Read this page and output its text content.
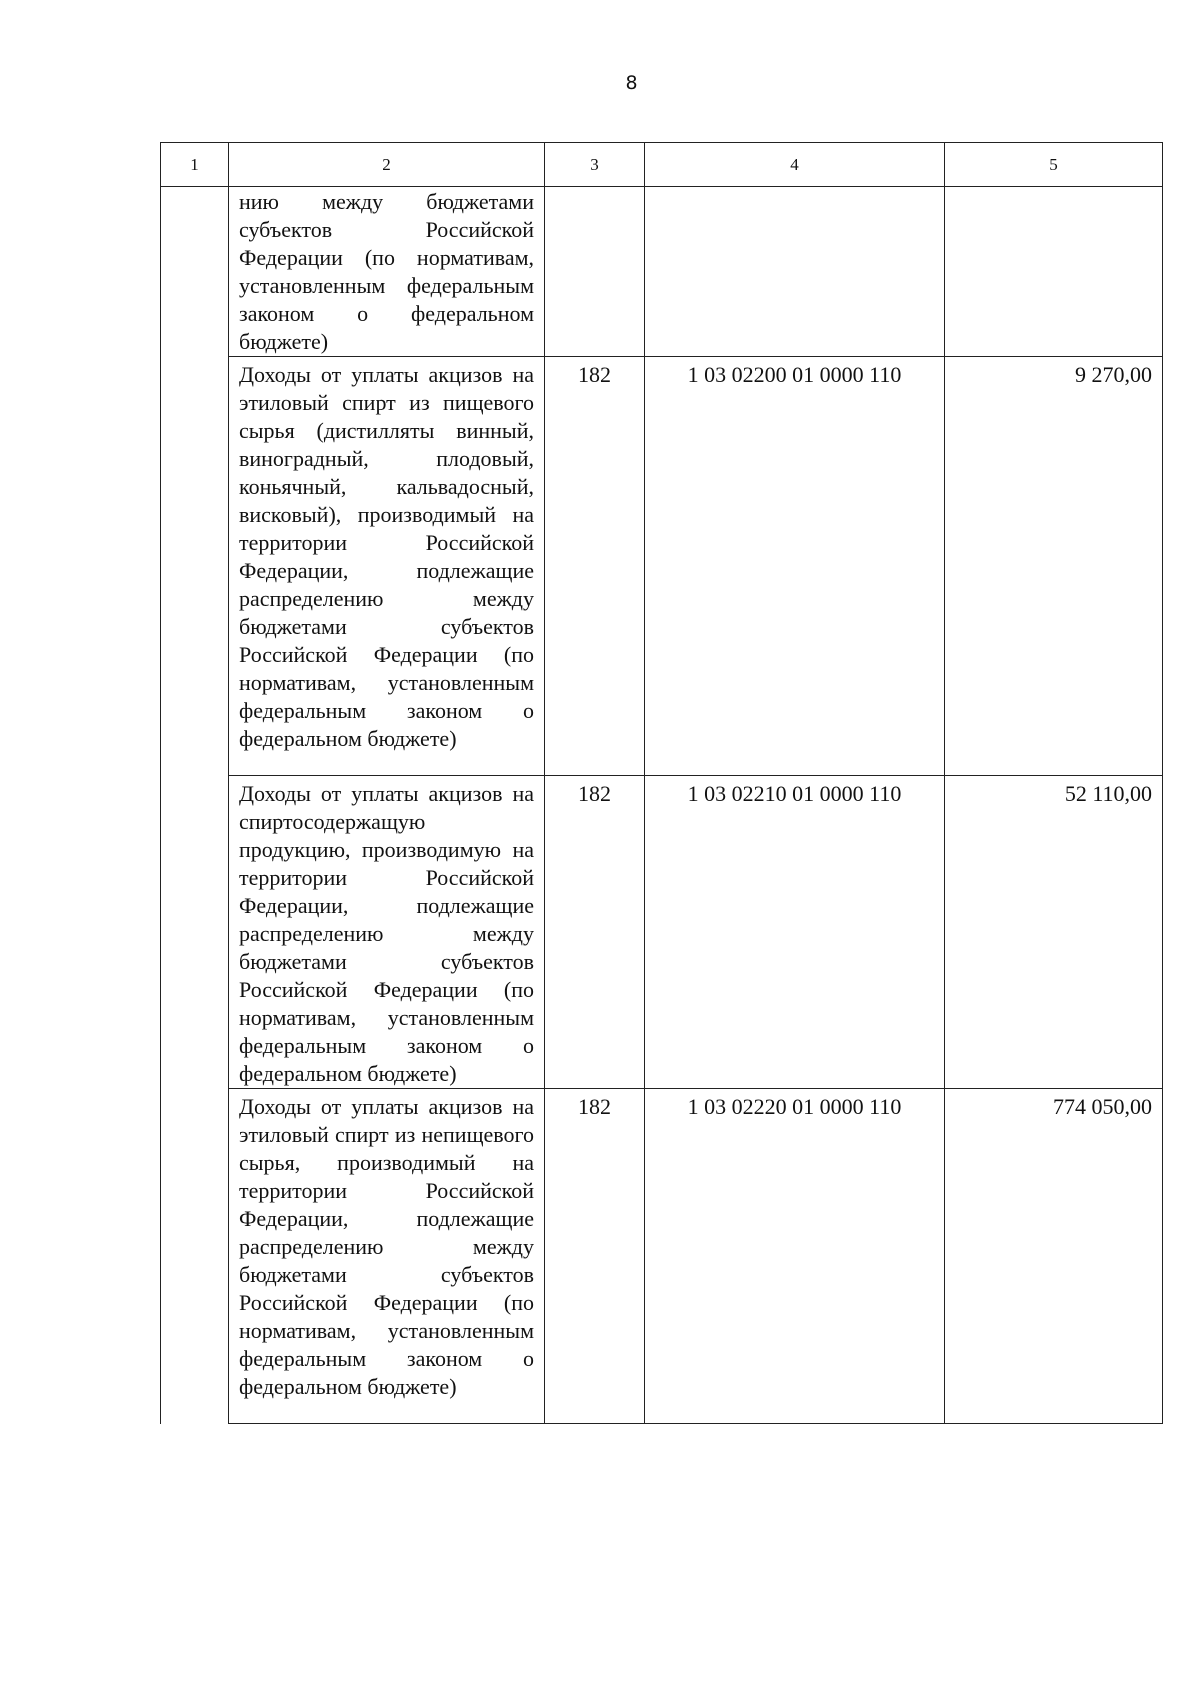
8
1	2	3	4	5
	нию между бюджетами субъектов Российской Федерации (по нормативам, установленным федеральным законом о федеральном бюджете)			
	Доходы от уплаты акцизов на этиловый спирт из пищевого сырья (дистилляты винный, виноградный, плодовый, коньячный, кальвадосный, висковый), производимый на территории Российской Федерации, подлежащие распределению между бюджетами субъектов Российской Федерации (по нормативам, установленным федеральным законом о федеральном бюджете)	182	1 03 02200 01 0000 110	9 270,00
	Доходы от уплаты акцизов на спиртосодержащую продукцию, производимую на территории Российской Федерации, подлежащие распределению между бюджетами субъектов Российской Федерации (по нормативам, установленным федеральным законом о федеральном бюджете)	182	1 03 02210 01 0000 110	52 110,00
	Доходы от уплаты акцизов на этиловый спирт из непищевого сырья, производимый на территории Российской Федерации, подлежащие распределению между бюджетами субъектов Российской Федерации (по нормативам, установленным федеральным законом о федеральном бюджете)	182	1 03 02220 01 0000 110	774 050,00
